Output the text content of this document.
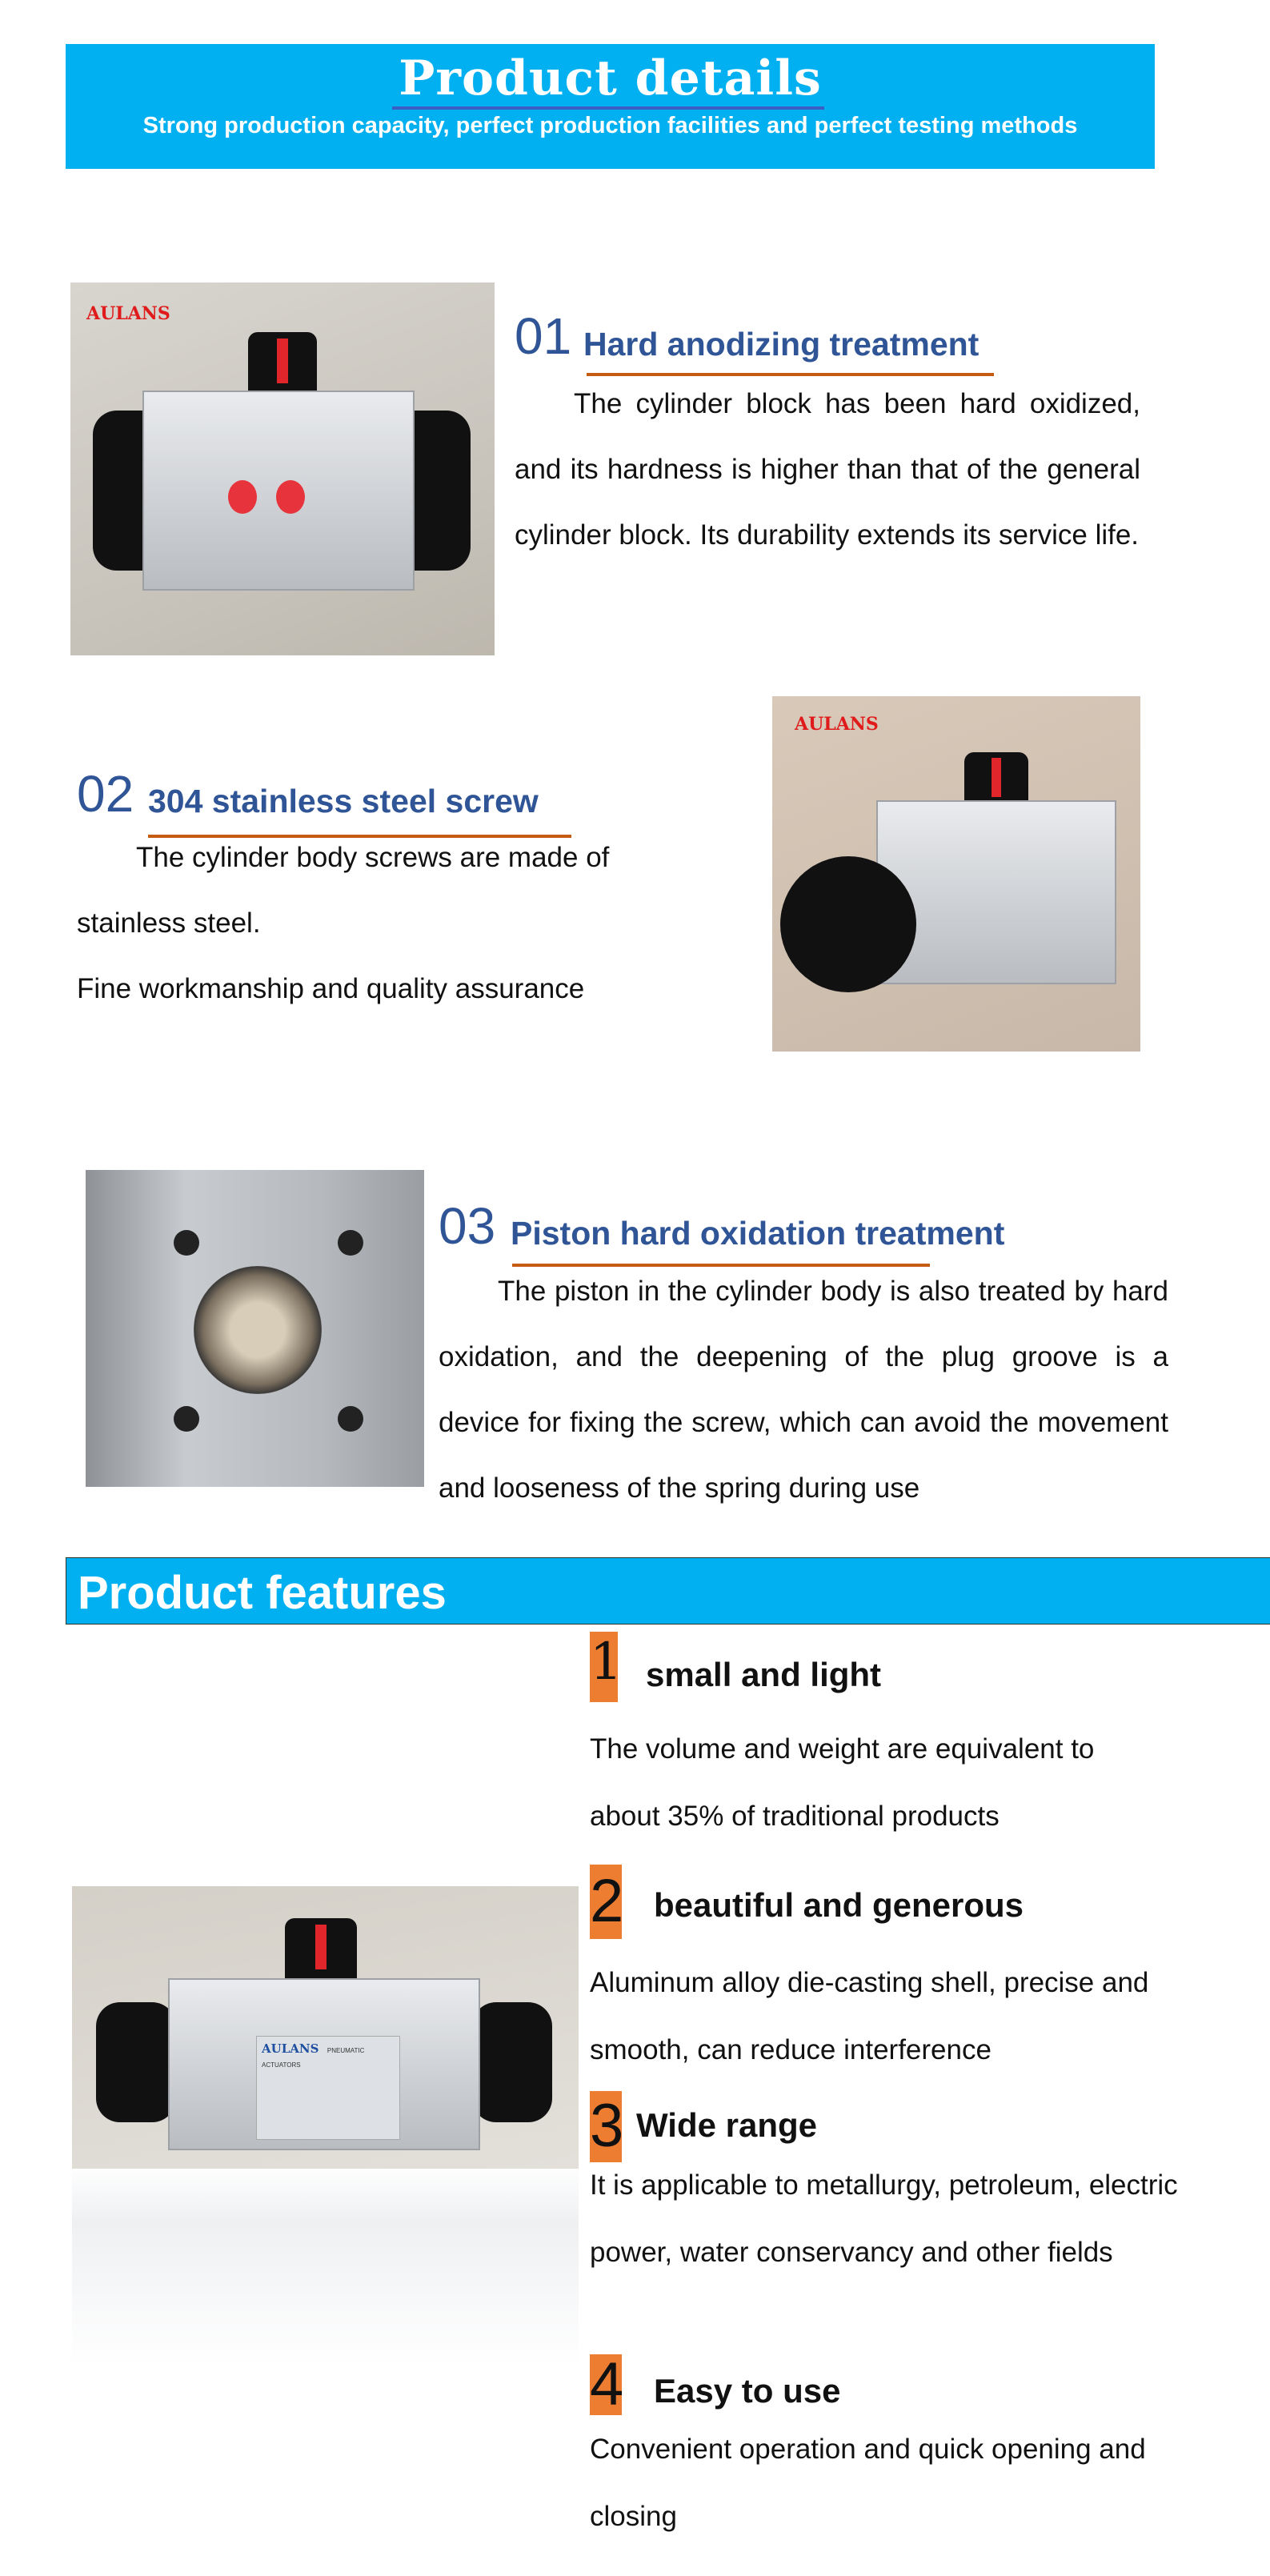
Product details
Strong production capacity, perfect production facilities and perfect testing methods
AULANS	01 Hard anodizing treatment
The cylinder block has been hard oxidized, and its hardness is higher than that of the general cylinder block. Its durability extends its service life.
02 304 stainless steel screw
The cylinder body screws are made of stainless steel.
Fine workmanship and quality assurance
AULANS
03 Piston hard oxidation treatment
The piston in the cylinder body is also treated by hard oxidation, and the deepening of the plug groove is a device for fixing the screw, which can avoid the movement and looseness of the spring during use
Product features
AULANS PNEUMATIC ACTUATORS
1 small and light
The volume and weight are equivalent to about 35% of traditional products
2 beautiful and generous
Aluminum alloy die-casting shell, precise and smooth, can reduce interference
3 Wide range
It is applicable to metallurgy, petroleum, electric power, water conservancy and other fields
4 Easy to use
Convenient operation and quick opening and closing
